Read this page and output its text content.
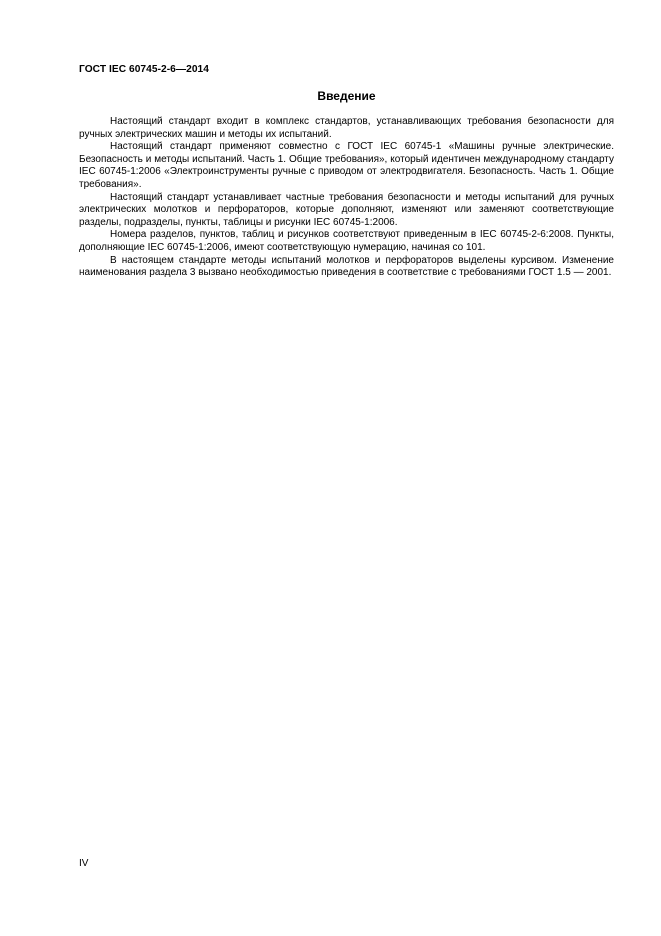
ГОСТ IEC 60745-2-6—2014
Введение

Настоящий стандарт входит в комплекс стандартов, устанавливающих требования безопасности для ручных электрических машин и методы их испытаний.

Настоящий стандарт применяют совместно с ГОСТ IEC 60745-1 «Машины ручные электрические. Безопасность и методы испытаний. Часть 1. Общие требования», который идентичен международному стандарту IEC 60745-1:2006 «Электроинструменты ручные с приводом от электродвигателя. Безопасность. Часть 1. Общие требования».

Настоящий стандарт устанавливает частные требования безопасности и методы испытаний для ручных электрических молотков и перфораторов, которые дополняют, изменяют или заменяют соответствующие разделы, подразделы, пункты, таблицы и рисунки IEC 60745-1:2006.

Номера разделов, пунктов, таблиц и рисунков соответствуют приведенным в IEC 60745-2-6:2008. Пункты, дополняющие IEC 60745-1:2006, имеют соответствующую нумерацию, начиная со 101.

В настоящем стандарте методы испытаний молотков и перфораторов выделены курсивом. Изменение наименования раздела 3 вызвано необходимостью приведения в соответствие с требованиями ГОСТ 1.5 — 2001.

IV
